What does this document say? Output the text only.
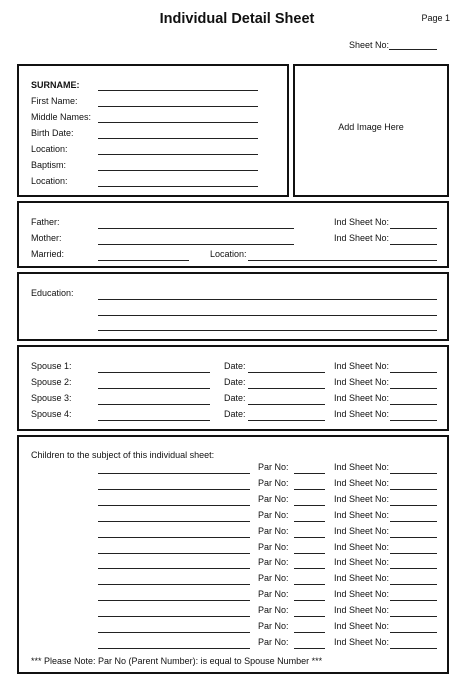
Individual Detail Sheet	Page 1
Sheet No:
SURNAME:
First Name:
Middle Names:
Birth Date:
Location:
Baptism:
Location:
Add Image Here
Father:	Ind Sheet No:
Mother:	Ind Sheet No:
Married:	Location:
Education:
Spouse 1:	Date:	Ind Sheet No:
Spouse 2:	Date:	Ind Sheet No:
Spouse 3:	Date:	Ind Sheet No:
Spouse 4:	Date:	Ind Sheet No:
Children to the subject of this individual sheet:
*** Please Note: Par No (Parent Number): is equal to Spouse Number ***
Par No:	Ind Sheet No:
Par No:	Ind Sheet No:
Par No:	Ind Sheet No:
Par No:	Ind Sheet No:
Par No:	Ind Sheet No:
Par No:	Ind Sheet No:
Par No:	Ind Sheet No:
Par No:	Ind Sheet No:
Par No:	Ind Sheet No:
Par No:	Ind Sheet No:
Par No:	Ind Sheet No:
Par No:	Ind Sheet No:
